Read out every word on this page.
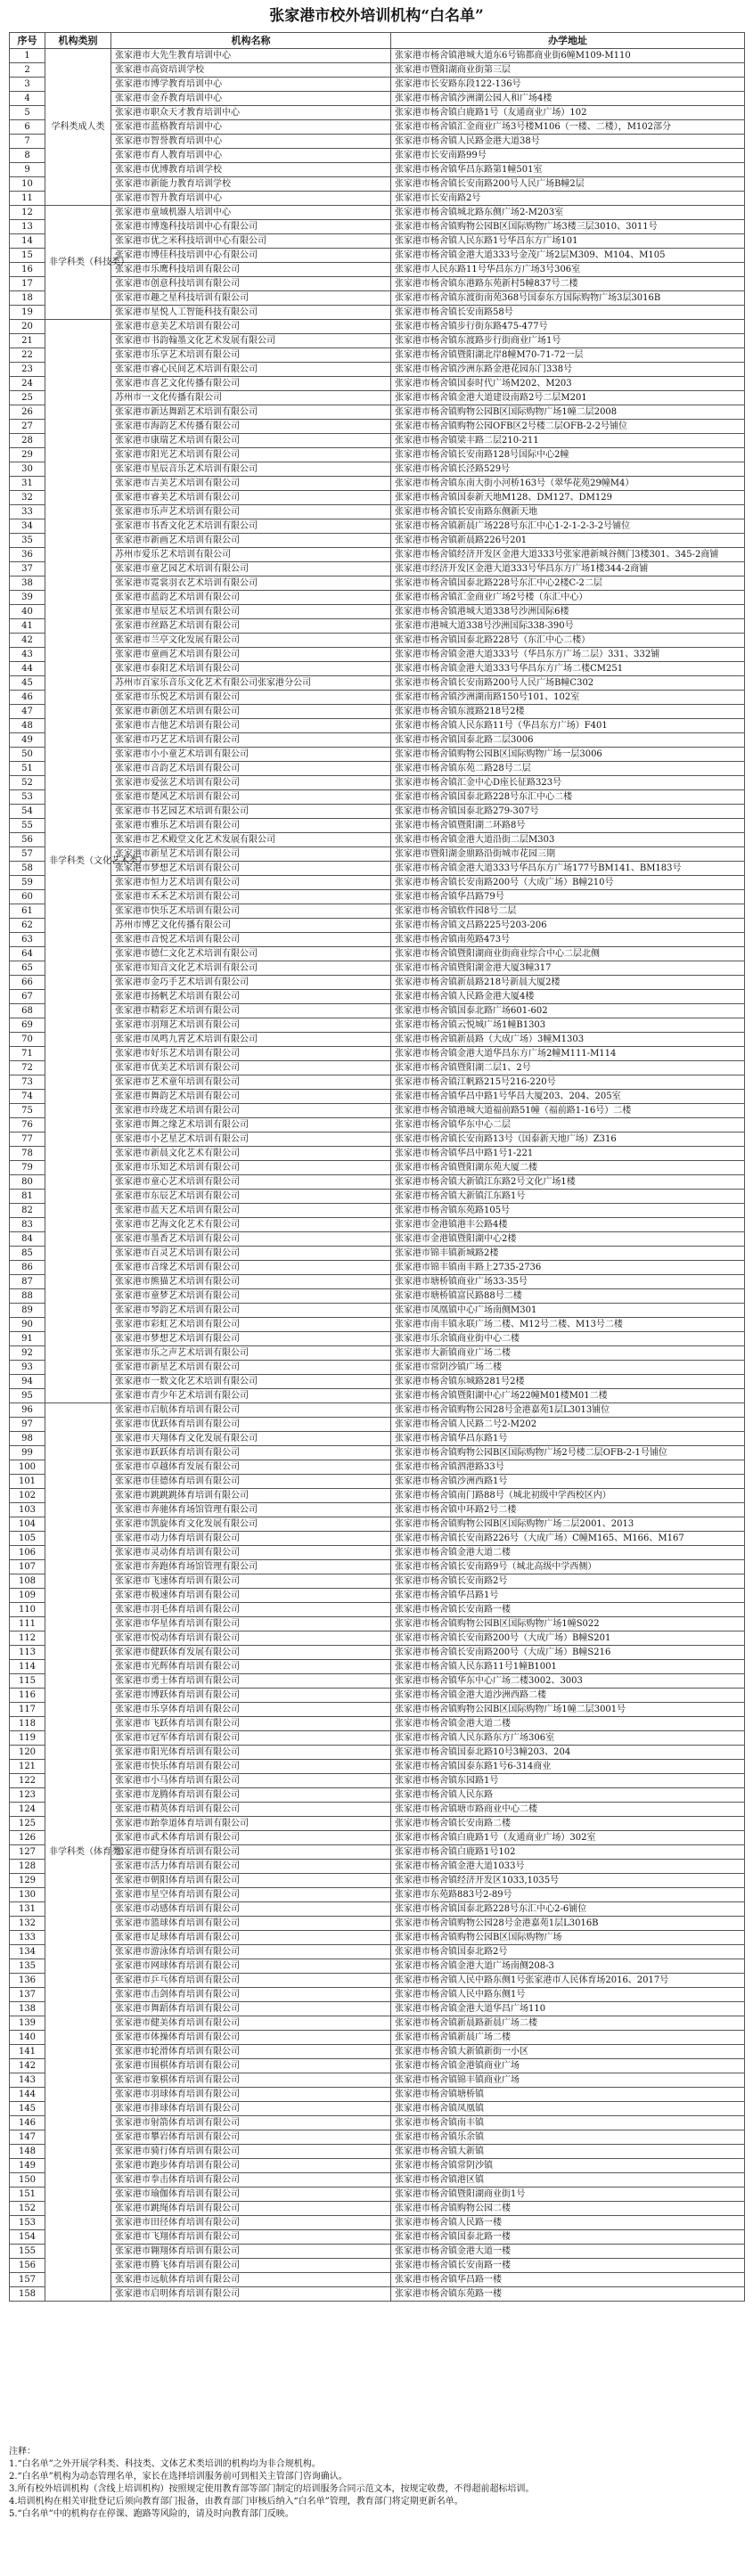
张家港市校外培训机构“白名单”
序号	机构类别	机构名称	办学地址
1	学科类成人类	张家港市大先生教育培训中心	张家港市杨舍镇港城大道东6号锦都商业街6幢M109-M110
2		张家港市高资培训学校	张家港市暨阳湖商业街第三层
3		张家港市博学教育培训中心	张家港市长安路东段122-136号
4		张家港市金乔教育培训中心	张家港市杨舍镇沙洲湖公园人和广场4楼
5		张家港市职众天才教育培训中心	张家港市杨舍镇白鹿路1号（友通商业广场）102
6		张家港市蓝格教育培训中心	张家港市杨舍镇汇金商业广场3号楼M106（一楼、二楼），M102部分
7		张家港市智誉教育培训中心	张家港市杨舍镇人民路金港大道38号
8		张家港市育人教育培训中心	张家港市长安南路99号
9		张家港市优博教育培训学校	张家港市杨舍镇华昌东路第1幢501室
10		张家港市新能力教育培训学校	张家港市杨舍镇长安南路200号人民广场B幢2层
11		张家港市智升教育培训中心	张家港市长安南路2号
12	非学科类（科技类）	张家港市童域机器人培训中心	张家港市杨舍镇城北路东侧广场2-M203室
13		张家港市博逸科技培训中心有限公司	张家港市杨舍镇购物公园B区国际购物广场3楼三层3010、3011号
14		张家港市优之米科技培训中心有限公司	张家港市杨舍镇人民东路1号华昌东方广场101
15		张家港市博佳科技培训中心有限公司	张家港市杨舍镇金港大道333号金茂广场2层M309、M104、M105
16		张家港市乐鹰科技培训有限公司	张家港市人民东路11号华昌东方广场3号306室
17		张家港市创意科技培训有限公司	张家港市杨舍镇东港路东苑新村5幢837号二楼
18		张家港市趣之星科技培训有限公司	张家港市杨舍镇东渡街南苑368号国泰东方国际购物广场3层3016B
19		张家港市星悦人工智能科技有限公司	张家港市杨舍镇长安南路58号
20	非学科类（文化艺术类）	张家港市意美艺术培训有限公司	张家港市杨舍镇步行街东路475-477号
21		张家港市书韵翰墨文化艺术发展有限公司	张家港市杨舍镇东渡路步行街商业广场1号
22		张家港市乐享艺术培训有限公司	张家港市杨舍镇暨阳湖北岸8幢M70-71-72一层
23		张家港市睿心民间艺术培训有限公司	张家港市杨舍镇沙洲东路金港花园东门338号
24		张家港市喜艺文化传播有限公司	张家港市杨舍镇国泰时代广场M202、M203
25		苏州市一文化传播有限公司	张家港市杨舍镇金港大道建设南路2号二层M201
26		张家港市新达舞蹈艺术培训有限公司	张家港市杨舍镇购物公园B区国际购物广场1幢二层2008
27		张家港市海韵艺术传播有限公司	张家港市杨舍镇购物公园OFB区2号楼二层OFB-2-2号铺位
28		张家港市康瑞艺术培训有限公司	张家港市杨舍镇梁丰路二层210-211
29		张家港市阳光艺术培训有限公司	张家港市杨舍镇长安南路128号国际中心2幢
30		张家港市星辰音乐艺术培训有限公司	张家港市杨舍镇长泾路529号
31		张家港市吉美艺术培训有限公司	张家港市杨舍镇东南大街小河桥163号（翠华花苑29幢M4）
32		张家港市睿美艺术培训有限公司	张家港市杨舍镇国泰新天地M128、DM127、DM129
33		张家港市乐声艺术培训有限公司	张家港市杨舍镇长安南路东侧新天地
34		张家港市书香文化艺术培训有限公司	张家港市杨舍镇新晨广场228号东汇中心1-2-1-2-3-2号铺位
35		张家港市新画艺术培训有限公司	张家港市杨舍镇新晨路226号201
36		苏州市爱乐艺术培训有限公司	张家港市杨舍镇经济开发区金港大道333号张家港新城谷侧门3楼301、345-2商铺
37		张家港市童艺园艺术培训有限公司	张家港市经济开发区金港大道333号华昌东方广场1楼344-2商铺
38		张家港市霓裳羽衣艺术培训有限公司	张家港市杨舍镇国泰北路228号东汇中心2楼C-2二层
39		张家港市蓝韵艺术培训有限公司	张家港市杨舍镇汇金商业广场2号楼（东汇中心）
40		张家港市星辰艺术培训有限公司	张家港市杨舍镇港城大道338号沙洲国际6楼
41		张家港市丝路艺术培训有限公司	张家港市港城大道338号沙洲国际338-390号
42		张家港市兰亭文化发展有限公司	张家港市杨舍镇国泰北路228号（东汇中心二楼）
43		张家港市童画艺术培训有限公司	张家港市杨舍镇金港大道333号（华昌东方广场二层）331、332铺
44		张家港市泰阳艺术培训有限公司	张家港市杨舍镇金港大道333号华昌东方广场二楼CM251
45		苏州市百家乐音乐文化艺术有限公司张家港分公司	张家港市杨舍镇长安南路200号人民广场B幢C302
46		张家港市乐悦艺术培训有限公司	张家港市杨舍镇沙洲湖南路150号101、102室
47		张家港市新创艺术培训有限公司	张家港市杨舍镇东渡路218号2楼
48		张家港市吉他艺术培训有限公司	张家港市杨舍镇人民东路11号（华昌东方广场）F401
49		张家港市巧艺艺术培训有限公司	张家港市杨舍镇国泰北路二层3006
50		张家港市小小童艺术培训有限公司	张家港市杨舍镇购物公园B区国际购物广场一层3006
51		张家港市音韵艺术培训有限公司	张家港市杨舍镇东苑二路28号二层
52		张家港市爱弦艺术培训有限公司	张家港市杨舍镇汇金中心D座长征路323号
53		张家港市楚风艺术培训有限公司	张家港市杨舍镇国泰北路228号东汇中心二楼
54		张家港市书艺园艺术培训有限公司	张家港市杨舍镇国泰北路279-307号
55		张家港市雅乐艺术培训有限公司	张家港市杨舍镇暨阳湖二环路8号
56		张家港市艺术殿堂文化艺术发展有限公司	张家港市杨舍镇金港大道沿街二层M303
57		张家港市新星艺术培训有限公司	张家港市暨阳湖金鼎路沿街城市花园三期
58		张家港市梦想艺术培训有限公司	张家港市杨舍镇金港大道333号华昌东方广场177号BM141、BM183号
59		张家港市恒力艺术培训有限公司	张家港市杨舍镇长安南路200号（大成广场）B幢210号
60		张家港市禾禾艺术培训有限公司	张家港市杨舍镇华昌路79号
61		张家港市快乐艺术培训有限公司	张家港市杨舍镇软件园8号二层
62		苏州市博艺文化传播有限公司	张家港市杨舍镇文昌路225号203-206
63		张家港市音悦艺术培训有限公司	张家港市杨舍镇南苑路473号
64		张家港市德仁文化艺术培训有限公司	张家港市杨舍镇暨阳湖商业街商业综合中心二层北侧
65		张家港市知音文化艺术培训有限公司	张家港市杨舍镇暨阳湖金港大厦3幢317
66		张家港市金巧手艺术培训有限公司	张家港市杨舍镇新晨路218号新晨大厦2楼
67		张家港市扬帆艺术培训有限公司	张家港市杨舍镇人民路金港大厦4楼
68		张家港市精彩艺术培训有限公司	张家港市杨舍镇国泰北路广场601-602
69		张家港市羽翔艺术培训有限公司	张家港市杨舍镇云悦城广场1幢B1303
70		张家港市凤鸣九霄艺术培训有限公司	张家港市杨舍镇新晨路（大成广场）3幢M1303
71		张家港市好乐艺术培训有限公司	张家港市杨舍镇金港大道华昌东方广场2幢M111-M114
72		张家港市优美艺术培训有限公司	张家港市杨舍镇暨阳湖二层1、2号
73		张家港市艺术童年培训有限公司	张家港市杨舍镇江帆路215号216-220号
74		张家港市舞韵艺术培训有限公司	张家港市杨舍镇华昌中路1号华昌大厦203、204、205室
75		张家港市玲珑艺术培训有限公司	张家港市杨舍镇港城大道福前路51幢（福前路1-16号）二楼
76		张家港市舞之缘艺术培训有限公司	张家港市杨舍镇华东中心二层
77		张家港市小艺星艺术培训有限公司	张家港市杨舍镇长安南路13号（国泰新天地广场）Z316
78		张家港市新晨文化艺术有限公司	张家港市杨舍镇华昌中路1号1-221
79		张家港市乐知艺术培训有限公司	张家港市杨舍镇暨阳湖东苑大厦二楼
80		张家港市童心艺术培训有限公司	张家港市杨舍镇大新镇江东路2号文化广场1楼
81		张家港市东辰艺术培训有限公司	张家港市杨舍镇大新镇江东路1号
82		张家港市蓝天艺术培训有限公司	张家港市杨舍镇东苑路105号
83		张家港市艺海文化艺术有限公司	张家港市金港镇港丰公路4楼
84		张家港市墨香艺术培训有限公司	张家港市金港镇暨阳湖中心2楼
85		张家港市百灵艺术培训有限公司	张家港市锦丰镇新城路2楼
86		张家港市音缘艺术培训有限公司	张家港市锦丰镇南丰路上2735-2736
87		张家港市熊猫艺术培训有限公司	张家港市塘桥镇商业广场33-35号
88		张家港市童梦艺术培训有限公司	张家港市塘桥镇富民路88号二楼
89		张家港市琴韵艺术培训有限公司	张家港市凤凰镇中心广场南侧M301
90		张家港市彩虹艺术培训有限公司	张家港市南丰镇永联广场二楼、M12号二楼、M13号二楼
91		张家港市梦想艺术培训有限公司	张家港市乐余镇商业街中心二楼
92		张家港市乐之声艺术培训有限公司	张家港市大新镇商业广场二楼
93		张家港市新星艺术培训有限公司	张家港市常阴沙镇广场二楼
94		张家港市一数文化艺术培训有限公司	张家港市杨舍镇东城路281号2楼
95		张家港市青少年艺术培训有限公司	张家港市杨舍镇暨阳湖中心广场22幢M01楼M01二楼
96	非学科类（体育类）	张家港市启航体育培训有限公司	张家港市杨舍镇购物公园28号金港嘉苑1层L3013铺位
97		张家港市优跃体育培训有限公司	张家港市杨舍镇人民路二号2-M202
98		张家港市天翔体育文化发展有限公司	张家港市杨舍镇华昌东路1号
99		张家港市跃跃体育培训有限公司	张家港市杨舍镇购物公园B区国际购物广场2号楼二层OFB-2-1号铺位
100		张家港市卓越体育发展有限公司	张家港市杨舍镇泗港路33号
101		张家港市佳德体育培训有限公司	张家港市杨舍镇沙洲西路1号
102		张家港市跳跳跳体育培训有限公司	张家港市杨舍镇南门路88号（城北初级中学西校区内）
103		张家港市奔驰体育场馆管理有限公司	张家港市杨舍镇中环路2号二楼
104		张家港市凯旋体育文化发展有限公司	张家港市杨舍镇购物公园B区国际购物广场二层2001、2013
105		张家港市动力体育培训有限公司	张家港市杨舍镇长安南路226号（大成广场）C幢M165、M166、M167
106		张家港市灵动体育培训有限公司	张家港市杨舍镇金港大道二楼
107		张家港市奔跑体育场馆管理有限公司	张家港市杨舍镇长安南路9号（城北高级中学西侧）
108		张家港市飞速体育培训有限公司	张家港市杨舍镇长安南路2号
109		张家港市极速体育培训有限公司	张家港市杨舍镇华昌路1号
110		张家港市羽毛体育培训有限公司	张家港市杨舍镇长安南路一楼
111		张家港市华星体育培训有限公司	张家港市杨舍镇购物公园B区国际购物广场1幢S022
112		张家港市悦动体育培训有限公司	张家港市杨舍镇长安南路200号（大成广场）B幢S201
113		张家港市健跃体育发展有限公司	张家港市杨舍镇长安南路200号（大成广场）B幢S216
114		张家港市光辉体育培训有限公司	张家港市杨舍镇人民东路11号1幢B1001
115		张家港市勇士体育培训有限公司	张家港市杨舍镇华东中心广场二楼3002、3003
116		张家港市博跃体育培训有限公司	张家港市杨舍镇金港大道沙洲西路二楼
117		张家港市乐享体育培训有限公司	张家港市杨舍镇购物公园B区国际购物广场1幢二层3001号
118		张家港市飞跃体育培训有限公司	张家港市杨舍镇金港大道二楼
119		张家港市冠军体育培训有限公司	张家港市杨舍镇人民东路东方广场306室
120		张家港市阳光体育培训有限公司	张家港市杨舍镇国泰北路10号3幢203、204
121		张家港市快乐体育培训有限公司	张家港市杨舍镇国泰东路1号6-314商业
122		张家港市小马体育培训有限公司	张家港市杨舍镇东园路1号
123		张家港市龙腾体育培训有限公司	张家港市杨舍镇人民东路
124		张家港市精英体育培训有限公司	张家港市杨舍镇塘市路商业中心二楼
125		张家港市跆拳道体育培训有限公司	张家港市杨舍镇长安南路二楼
126		张家港市武术体育培训有限公司	张家港市杨舍镇白鹿路1号（友通商业广场）302室
127		张家港市健身体育培训有限公司	张家港市杨舍镇白鹿路1号102
128		张家港市活力体育培训有限公司	张家港市杨舍镇金港大道1033号
129		张家港市朝阳体育培训有限公司	张家港市杨舍镇经济开发区1033,1035号
130		张家港市星空体育培训有限公司	张家港市东苑路883号2-89号
131		张家港市动感体育培训有限公司	张家港市杨舍镇国泰北路228号东汇中心2-6铺位
132		张家港市篮球体育培训有限公司	张家港市杨舍镇购物公园28号金港嘉苑1层L3016B
133		张家港市足球体育培训有限公司	张家港市杨舍镇购物公园B区国际购物广场
134		张家港市游泳体育培训有限公司	张家港市杨舍镇国泰北路2号
135		张家港市网球体育培训有限公司	张家港市杨舍镇金港大道广场南侧208-3
136		张家港市乒乓体育培训有限公司	张家港市杨舍镇人民中路东侧1号张家港市人民体育场2016、2017号
137		张家港市击剑体育培训有限公司	张家港市杨舍镇人民中路东侧1号
138		张家港市舞蹈体育培训有限公司	张家港市杨舍镇金港大道华昌广场110
139		张家港市健美体育培训有限公司	张家港市杨舍镇新晨路新晨广场二楼
140		张家港市体操体育培训有限公司	张家港市杨舍镇新晨广场二楼
141		张家港市轮滑体育培训有限公司	张家港市杨舍镇大新镇新街一小区
142		张家港市围棋体育培训有限公司	张家港市杨舍镇金港镇商业广场
143		张家港市象棋体育培训有限公司	张家港市杨舍镇锦丰镇商业广场
144		张家港市羽球体育培训有限公司	张家港市杨舍镇塘桥镇
145		张家港市排球体育培训有限公司	张家港市杨舍镇凤凰镇
146		张家港市射箭体育培训有限公司	张家港市杨舍镇南丰镇
147		张家港市攀岩体育培训有限公司	张家港市杨舍镇乐余镇
148		张家港市骑行体育培训有限公司	张家港市杨舍镇大新镇
149		张家港市跑步体育培训有限公司	张家港市杨舍镇常阴沙镇
150		张家港市拳击体育培训有限公司	张家港市杨舍镇港区镇
151		张家港市瑜伽体育培训有限公司	张家港市杨舍镇暨阳湖商业街1号
152		张家港市跳绳体育培训有限公司	张家港市杨舍镇购物公园二楼
153		张家港市田径体育培训有限公司	张家港市杨舍镇人民路一楼
154		张家港市飞翔体育培训有限公司	张家港市杨舍镇国泰北路一楼
155		张家港市翱翔体育培训有限公司	张家港市杨舍镇金港大道一楼
156		张家港市腾飞体育培训有限公司	张家港市杨舍镇长安南路一楼
157		张家港市远航体育培训有限公司	张家港市杨舍镇华昌路一楼
158		张家港市启明体育培训有限公司	张家港市杨舍镇东苑路一楼
注释：
1.“白名单”之外开展学科类、科技类、文体艺术类培训的机构均为非合规机构。
2.“白名单”机构为动态管理名单，家长在选择培训服务前可到相关主管部门咨询确认。
3.所有校外培训机构（含线上培训机构）按照规定使用教育部等部门制定的培训服务合同示范文本，按规定收费，不得超前超标培训。
4.培训机构在相关审批登记后须向教育部门报备，由教育部门审核后纳入“白名单”管理，教育部门将定期更新名单。
5.“白名单”中的机构存在停课、跑路等风险的，请及时向教育部门反映。
